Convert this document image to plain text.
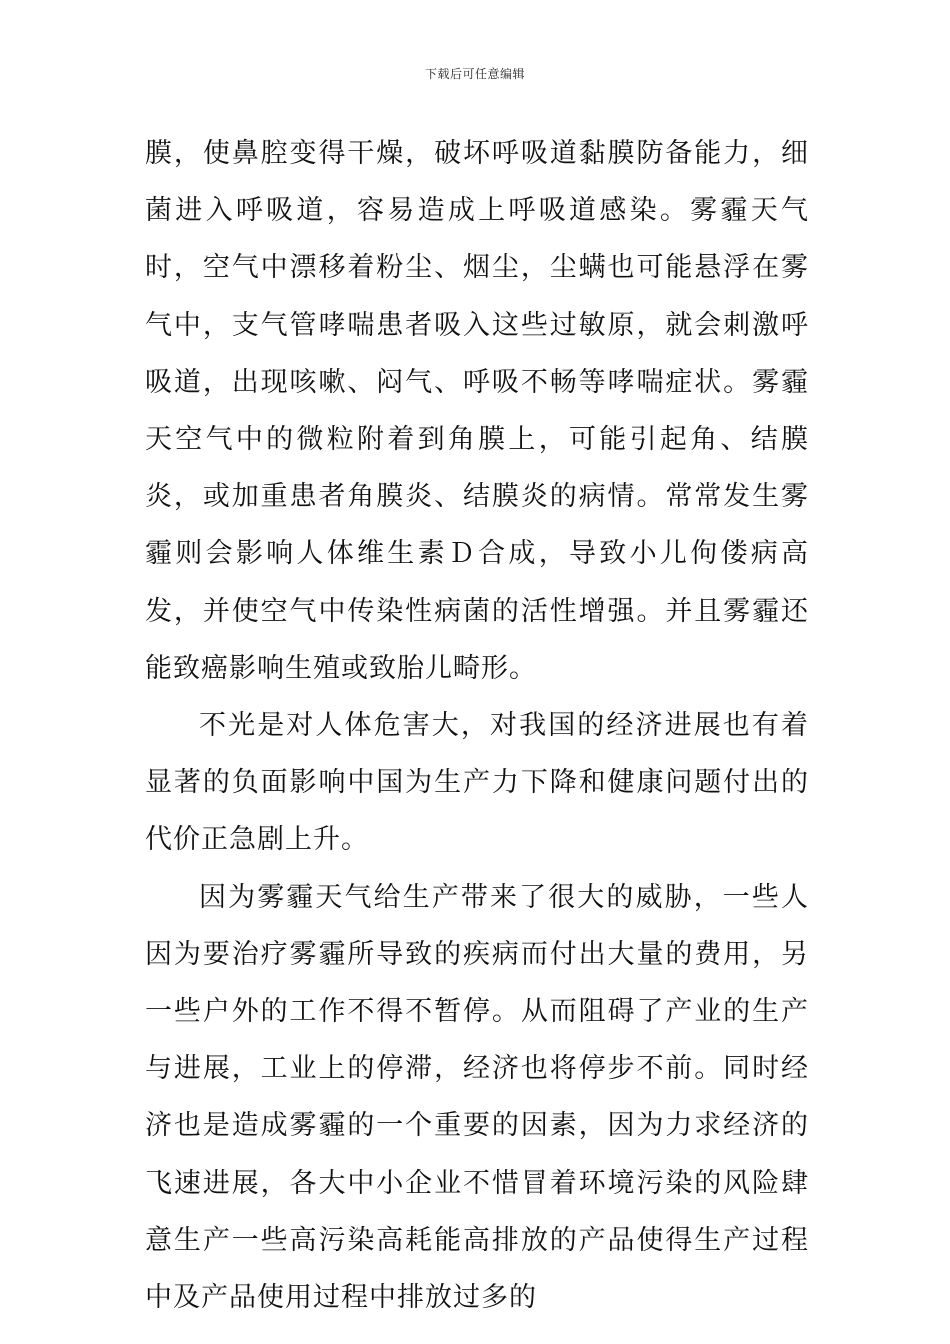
下载后可任意编辑

膜，使鼻腔变得干燥，破坏呼吸道黏膜防备能力，细菌进入呼吸道，容易造成上呼吸道感染。雾霾天气时，空气中漂移着粉尘、烟尘，尘螨也可能悬浮在雾气中，支气管哮喘患者吸入这些过敏原，就会刺激呼吸道，出现咳嗽、闷气、呼吸不畅等哮喘症状。雾霾天空气中的微粒附着到角膜上，可能引起角、结膜炎，或加重患者角膜炎、结膜炎的病情。常常发生雾霾则会影响人体维生素Ｄ合成，导致小儿佝偻病高发，并使空气中传染性病菌的活性增强。并且雾霾还能致癌影响生殖或致胎儿畸形。

不光是对人体危害大，对我国的经济进展也有着显著的负面影响中国为生产力下降和健康问题付出的代价正急剧上升。

因为雾霾天气给生产带来了很大的威胁，一些人因为要治疗雾霾所导致的疾病而付出大量的费用，另一些户外的工作不得不暂停。从而阻碍了产业的生产与进展，工业上的停滞，经济也将停步不前。同时经济也是造成雾霾的一个重要的因素，因为力求经济的飞速进展，各大中小企业不惜冒着环境污染的风险肆意生产一些高污染高耗能高排放的产品使得生产过程中及产品使用过程中排放过多的
